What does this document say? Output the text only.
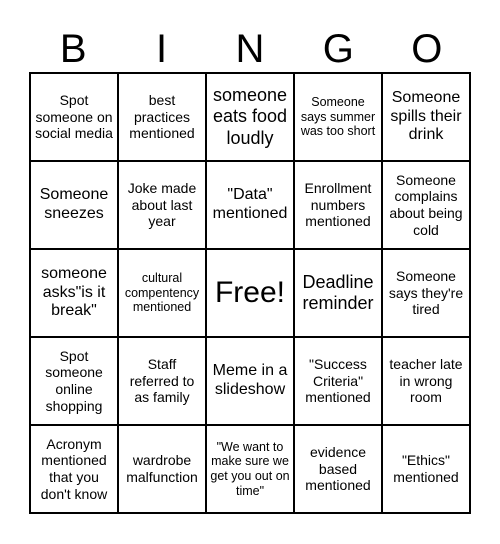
B	I	N	G	O
Spot someone on social media
best practices mentioned
someone eats food loudly
Someone says summer was too short
Someone spills their drink
Someone sneezes
Joke made about last year
"Data" mentioned
Enrollment numbers mentioned
Someone complains about being cold
someone asks"is it break"
cultural compentency mentioned Free! Deadline reminder
Someone says they're tired
Spot someone online shopping
Staff referred to as family
Meme in a slideshow
"Success Criteria" mentioned
teacher late in wrong room
Acronym mentioned that you don't know
wardrobe malfunction
"We want to make sure we get you out on time"
evidence based mentioned
"Ethics" mentioned
